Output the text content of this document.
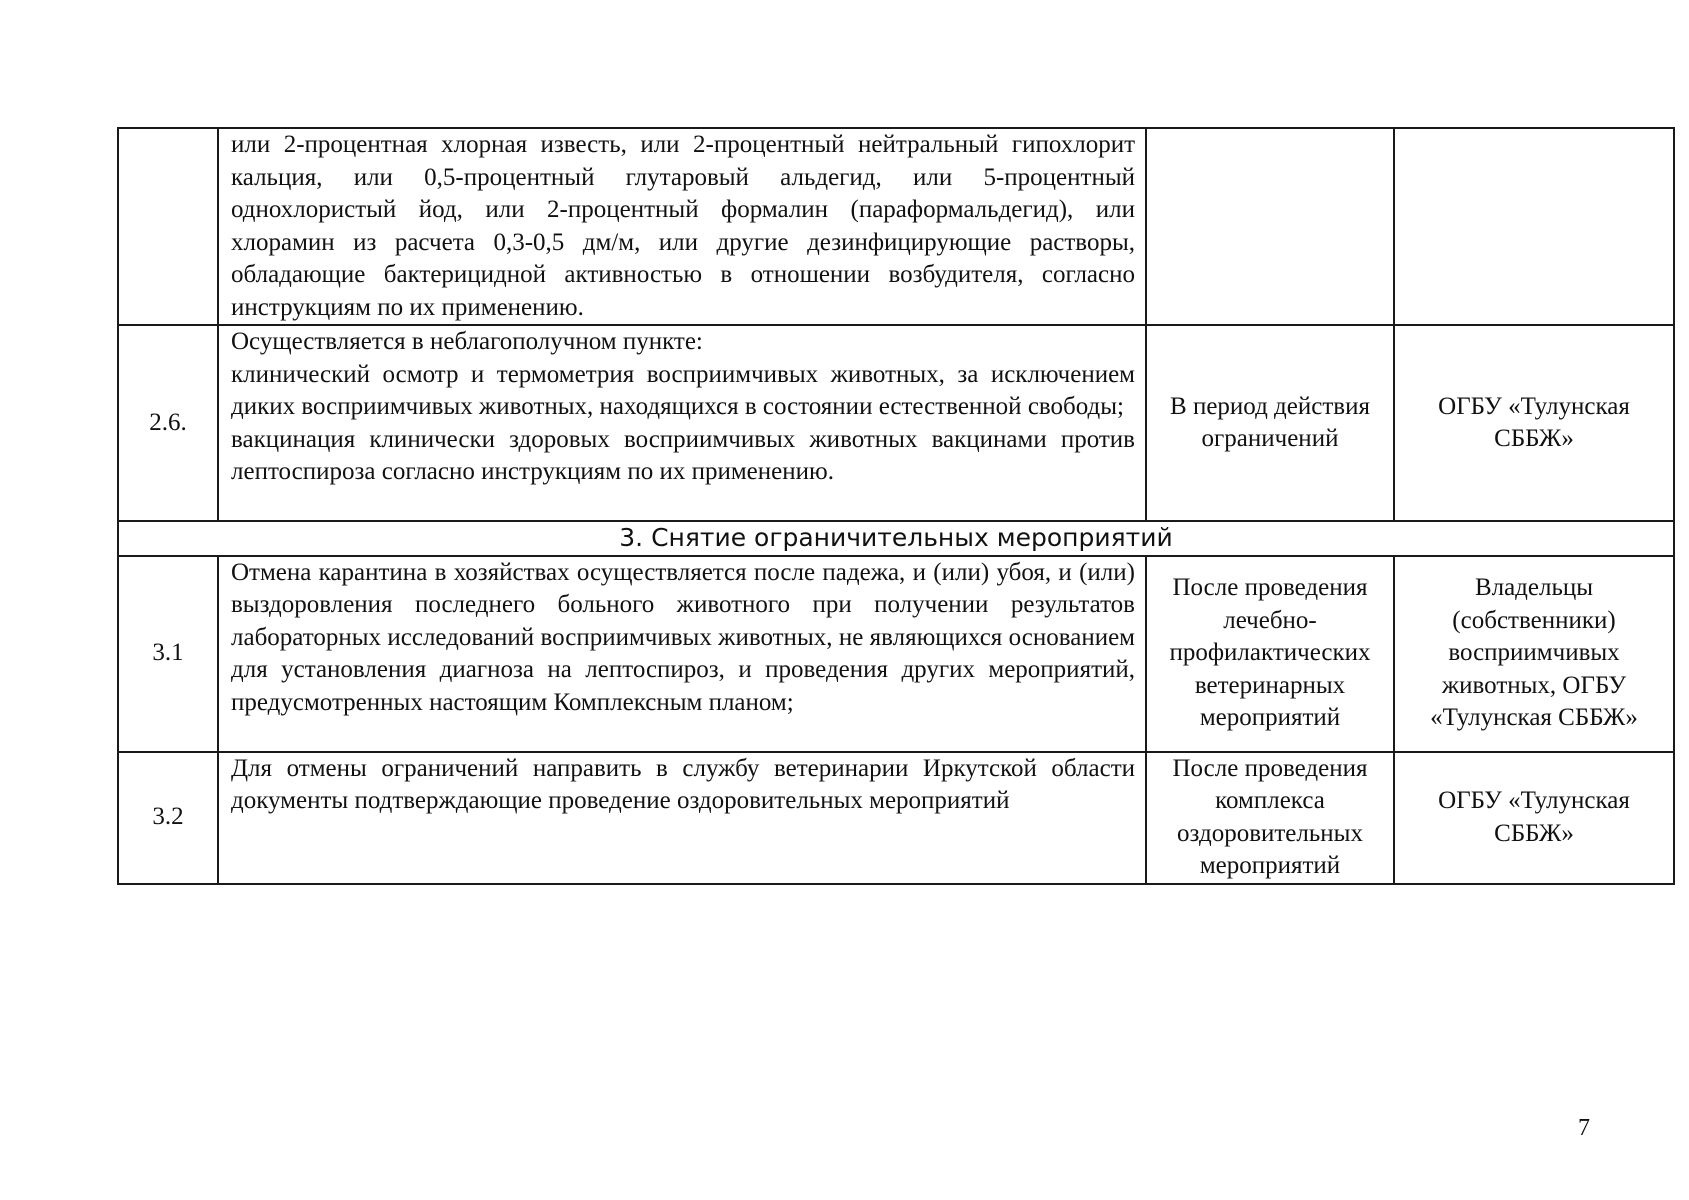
	или 2-процентная хлорная известь, или 2-процентный нейтральный гипохлорит кальция, или 0,5-процентный глутаровый альдегид, или 5-процентный однохлористый йод, или 2-процентный формалин (параформальдегид), или хлорамин из расчета 0,3-0,5 дм/м, или другие дезинфицирующие растворы, обладающие бактерицидной активностью в отношении возбудителя, согласно инструкциям по их применению.		

2.6.	Осуществляется в неблагополучном пункте:

клинический осмотр и термометрия восприимчивых животных, за исключением диких восприимчивых животных, находящихся в состоянии естественной свободы;

вакцинация клинически здоровых восприимчивых животных вакцинами против лептоспироза согласно инструкциям по их применению.	В период действия ограничений	ОГБУ «Тулунская СББЖ»
3. Снятие ограничительных мероприятий			
3.1	Отмена карантина в хозяйствах осуществляется после падежа, и (или) убоя, и (или) выздоровления последнего больного животного при получении результатов лабораторных исследований восприимчивых животных, не являющихся основанием для установления диагноза на лептоспироз, и проведения других мероприятий, предусмотренных настоящим Комплексным планом;	После проведения лечебно-профилактических ветеринарных мероприятий	Владельцы (собственники) восприимчивых животных, ОГБУ «Тулунская СББЖ»
3.2	Для отмены ограничений направить в службу ветеринарии Иркутской области документы подтверждающие проведение оздоровительных мероприятий	После проведения комплекса оздоровительных мероприятий	ОГБУ «Тулунская СББЖ»
7
